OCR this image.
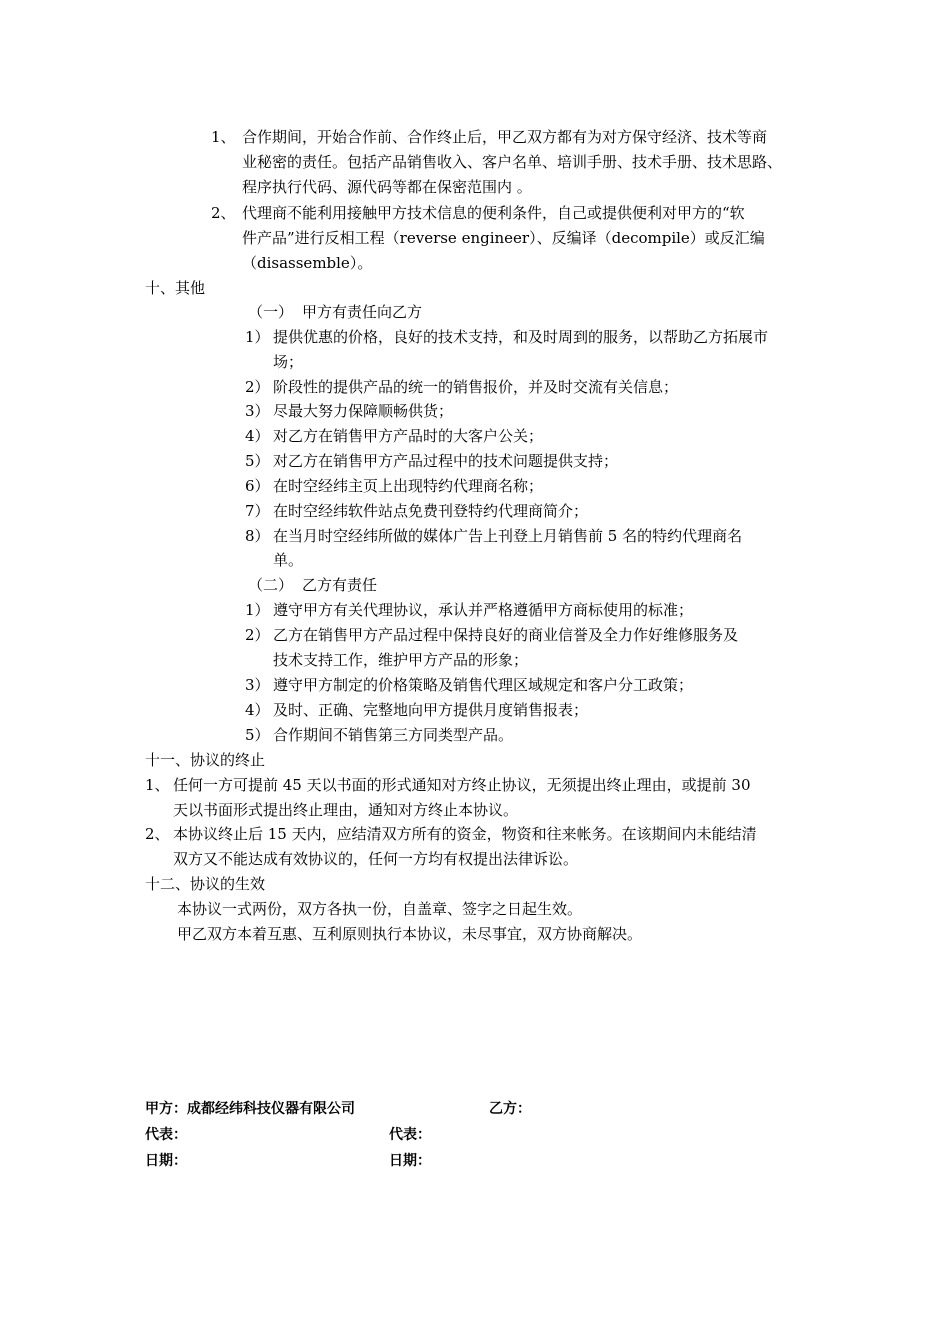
1、 合作期间，开始合作前、合作终止后，甲乙双方都有为对方保守经济、技术等商
业秘密的责任。包括产品销售收入、客户名单、培训手册、技术手册、技术思路、
程序执行代码、源代码等都在保密范围内 。
2、 代理商不能利用接触甲方技术信息的便利条件，自己或提供便利对甲方的“软
件产品”进行反相工程（reverse engineer）、反编译（decompile）或反汇编
（disassemble）。
十、其他
（一） 甲方有责任向乙方
1） 提供优惠的价格，良好的技术支持，和及时周到的服务，以帮助乙方拓展市
场；
2） 阶段性的提供产品的统一的销售报价，并及时交流有关信息；
3） 尽最大努力保障顺畅供货；
4） 对乙方在销售甲方产品时的大客户公关；
5） 对乙方在销售甲方产品过程中的技术问题提供支持；
6） 在时空经纬主页上出现特约代理商名称；
7） 在时空经纬软件站点免费刊登特约代理商简介；
8） 在当月时空经纬所做的媒体广告上刊登上月销售前 5 名的特约代理商名
单。
（二） 乙方有责任
1） 遵守甲方有关代理协议，承认并严格遵循甲方商标使用的标准；
2） 乙方在销售甲方产品过程中保持良好的商业信誉及全力作好维修服务及
技术支持工作，维护甲方产品的形象；
3） 遵守甲方制定的价格策略及销售代理区域规定和客户分工政策；
4） 及时、正确、完整地向甲方提供月度销售报表；
5） 合作期间不销售第三方同类型产品。
十一、协议的终止
1、 任何一方可提前 45 天以书面的形式通知对方终止协议，无须提出终止理由，或提前 30
天以书面形式提出终止理由，通知对方终止本协议。
2、 本协议终止后 15 天内，应结清双方所有的资金，物资和往来帐务。在该期间内未能结清
双方又不能达成有效协议的，任何一方均有权提出法律诉讼。
十二、协议的生效
本协议一式两份，双方各执一份，自盖章、签字之日起生效。
甲乙双方本着互惠、互利原则执行本协议，未尽事宜，双方协商解决。
甲方：成都经纬科技仪器有限公司	乙方：
代表：	代表：
日期：	日期：
